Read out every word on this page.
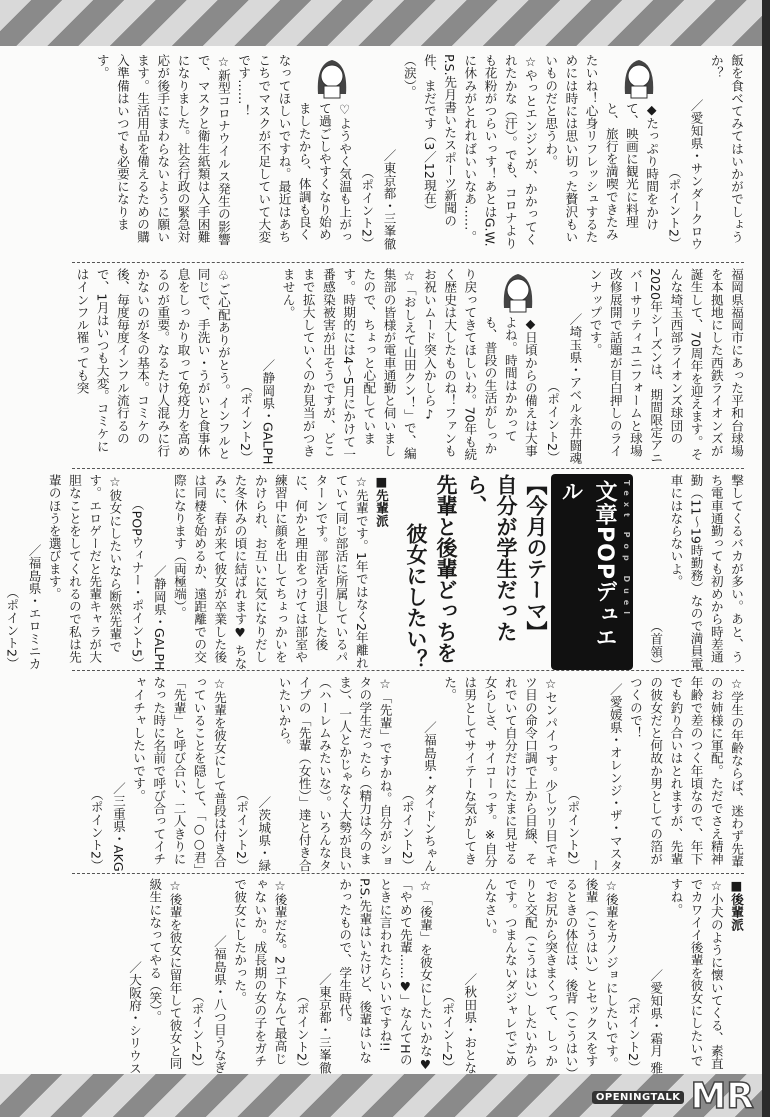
飯を食べてみてはいかがでしょうか？

／愛知県・サンダークロウ

（ポイント2）

◆たっぷり時間をかけて、映画に観光に料理と、旅行を満喫できたみたいね！心身リフレッシュするためには時には思い切った贅沢もいいものだと思うわ。

☆やっとエンジンが、かかってくれたかな（汗）。でも、コロナよりも花粉がつらいっす！あとはG.W.に休みがとれればいいなあ……。

P.S.先月書いたスポーツ新聞の件、まだです（3／12現在）（涙）。

／東京都・三峯徹

（ポイント2）

♡ようやく気温も上がって過ごしやすくなり始めましたから、体調も良くなってほしいですね。最近はあちこちでマスクが不足していて大変です……！

☆新型コロナウイルス発生の影響で、マスクと衛生紙類は入手困難になりました。社会行政の緊急対応が後手にまわらないように願います。生活用品を備えるための購入準備はいつでも必要になります。

福岡県福岡市にあった平和台球場を本拠地にした西鉄ライオンズが誕生して、70周年を迎えます。そんな埼玉西部ライオンズ球団の2020年シーズンは、期間限定アニバーサリティユニフォームと球場改修展開で話題が目白押しのラインナップです。

／埼玉県・アベル永井闘魂

（ポイント2）

◆日頃からの備えは大事よね。時間はかかっても、普段の生活がしっかり戻ってきてほしいわ。70年も続く歴史は大したものね！ファンもお祝いムード突入かしら♪

☆「おしえて山田クン！」で、編集部の皆様が電車通勤と伺いましたので、ちょっと心配しています。時期的には4～5月にかけて一番感染被害が出そうですが、どこまで拡大していくのか見当がつきません。

／静岡県・GALPH

（ポイント2）

♧ご心配ありがとう。インフルと同じで、手洗い・うがいと食事休息をしっかり取って免疫力を高めるのが重要。なるたけ人混みに行かないのが冬の基本。コミケの後、毎度毎度インフル流行るので、1月はいつも大変。コミケにはインフル罹っても突

撃してくるバカが多い。あと、うち電車通勤っても初めから時差通勤（11～19時勤務）なので満員電車にはならないよ。

（首領）

Text Pop Duel
文章POPデュエル

【今月のテーマ】

自分が学生だったら、

先輩と後輩どっちを

彼女にしたい？

■先輩派

☆先輩です。1年ではなく2年離れていて同じ部活に所属しているパターンです。部活を引退した後に、何かと理由をつけては部室や練習中に顔を出してちょっかいをかけられ、お互いに気になりだした冬休みの頃に結ばれます♥ ちなみに、春が来て彼女が卒業した後は同棲を始めるか、遠距離での交際になります（両極端）。

／静岡県・GALPH

（POPウィナー・ポイント5）

☆彼女にしたいなら断然先輩です。エロゲーだと先輩キャラが大胆なことをしてくれるので私は先輩のほうを選びます。

／福島県・エロミニカ

（ポイント2）

☆学生の年齢ならば、迷わず先輩のお姉様に軍配。ただでさえ精神年齢で差のつく年頃なので、年下でも釣り合いはとれますが、先輩の彼女だと何故か男としての箔がつくので！

／愛媛県・オレンジ・ザ・マスター

（ポイント2）

☆センパイっす。少しツリ目でキツ目の命令口調で上から目線、それでいて自分だけにたまに見せる女らしさ、サイコーっす。※自分は男としてサイテーな気がしてきた。

／福島県・ダイドンちゃん

（ポイント2）

☆「先輩」ですかね。自分がショタの学生だったら（精力は今のまま）、一人とかじゃなく大勢が良い（ハーレムみたいな）。いろんなタイプの「先輩（女性）」達と付き合いたいから。

／茨城県・緑

（ポイント2）

☆先輩を彼女にして普段は付き合っていることを隠して、「○○君」「先輩」と呼び合い、二人きりになった時に名前で呼び合ってイチャイチャしたいです。

／三重県・AKG

（ポイント2）

■後輩派

☆小犬のように懐いてくる、素直でカワイイ後輩を彼女にしたいですね。

／愛知県・霜月 雅

（ポイント2）

☆後輩をカノジョにしたいです。後輩（こうはい）とセックスをするときの体位は、後背（こうはい）でお尻から突きまくって、しっかりと交配（こうはい）したいからです。つまんないダジャレでごめんなさい。

／秋田県・おとな

（ポイント2）

☆「後輩」を彼女にしたいかな♥「やめて先輩……♥」なんてHのときに言われたらいいですね!!

P.S.先輩はいたけど、後輩はいなかったもので、学生時代。

／東京都・三峯徹

（ポイント2）

☆後輩だな。2コ下なんて最高じゃないか。成長期の女の子をガチで彼女にしたかった。

／福島県・八つ目うなぎ

（ポイント2）

☆後輩を彼女に留年して彼女と同級生になってやる（笑）。

／大阪府・シリウス

OPENINGTALK MR
